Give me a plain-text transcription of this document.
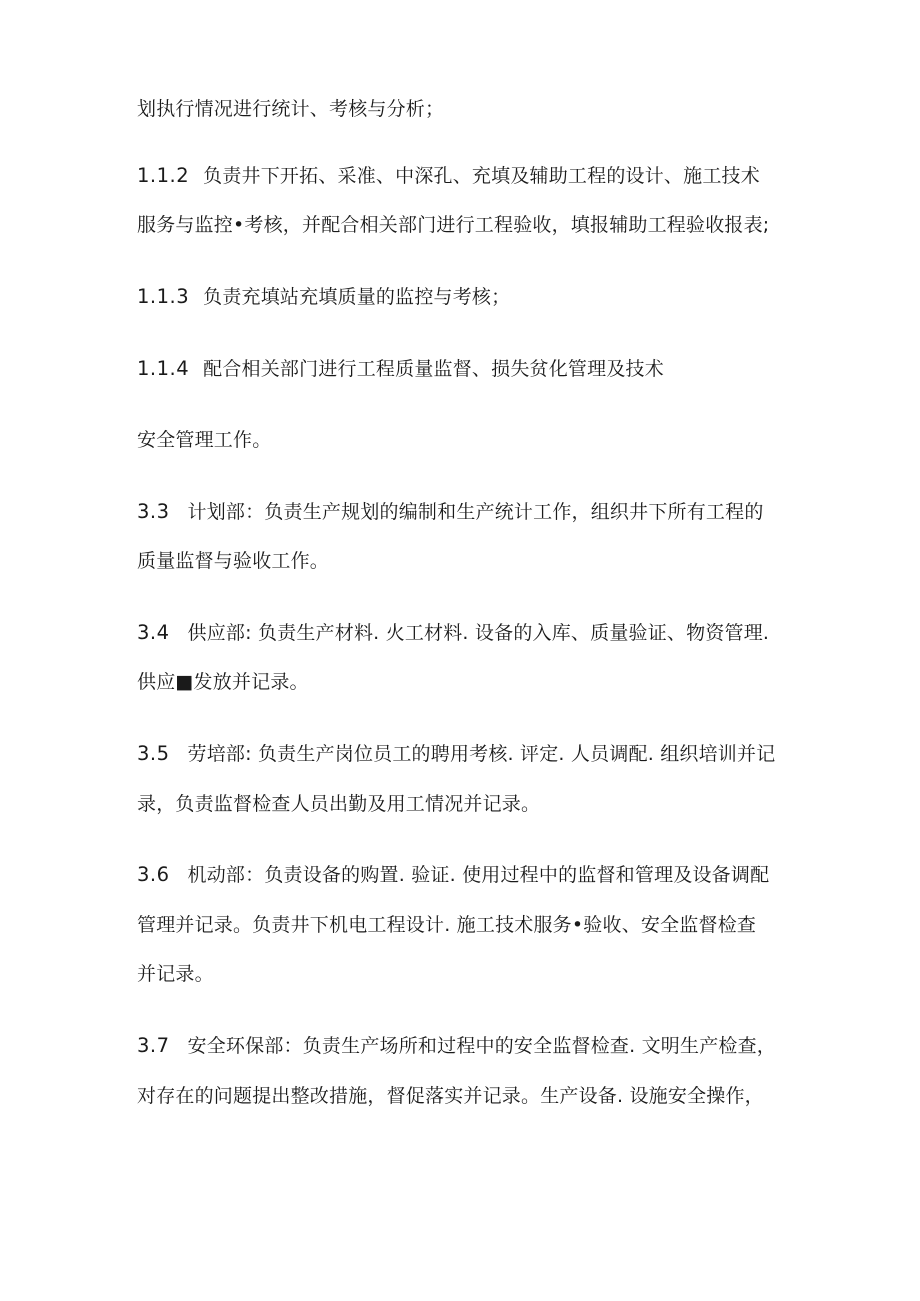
划执行情况进行统计、考核与分析；
1.1.2 负责井下开拓、采准、中深孔、充填及辅助工程的设计、施工技术
服务与监控•考核，并配合相关部门进行工程验收，填报辅助工程验收报表;
1.1.3 负责充填站充填质量的监控与考核；
1.1.4 配合相关部门进行工程质量监督、损失贫化管理及技术
安全管理工作。
3.3 计划部：负责生产规划的编制和生产统计工作，组织井下所有工程的
质量监督与验收工作。
3.4 供应部: 负责生产材料. 火工材料. 设备的入库、质量验证、物资管理.
供应■发放并记录。
3.5 劳培部: 负责生产岗位员工的聘用考核. 评定. 人员调配. 组织培训并记
录，负责监督检查人员出勤及用工情况并记录。
3.6 机动部：负责设备的购置. 验证. 使用过程中的监督和管理及设备调配
管理并记录。负责井下机电工程设计. 施工技术服务•验收、安全监督检查
并记录。
3.7 安全环保部：负责生产场所和过程中的安全监督检查. 文明生产检查，
对存在的问题提出整改措施，督促落实并记录。生产设备. 设施安全操作，
